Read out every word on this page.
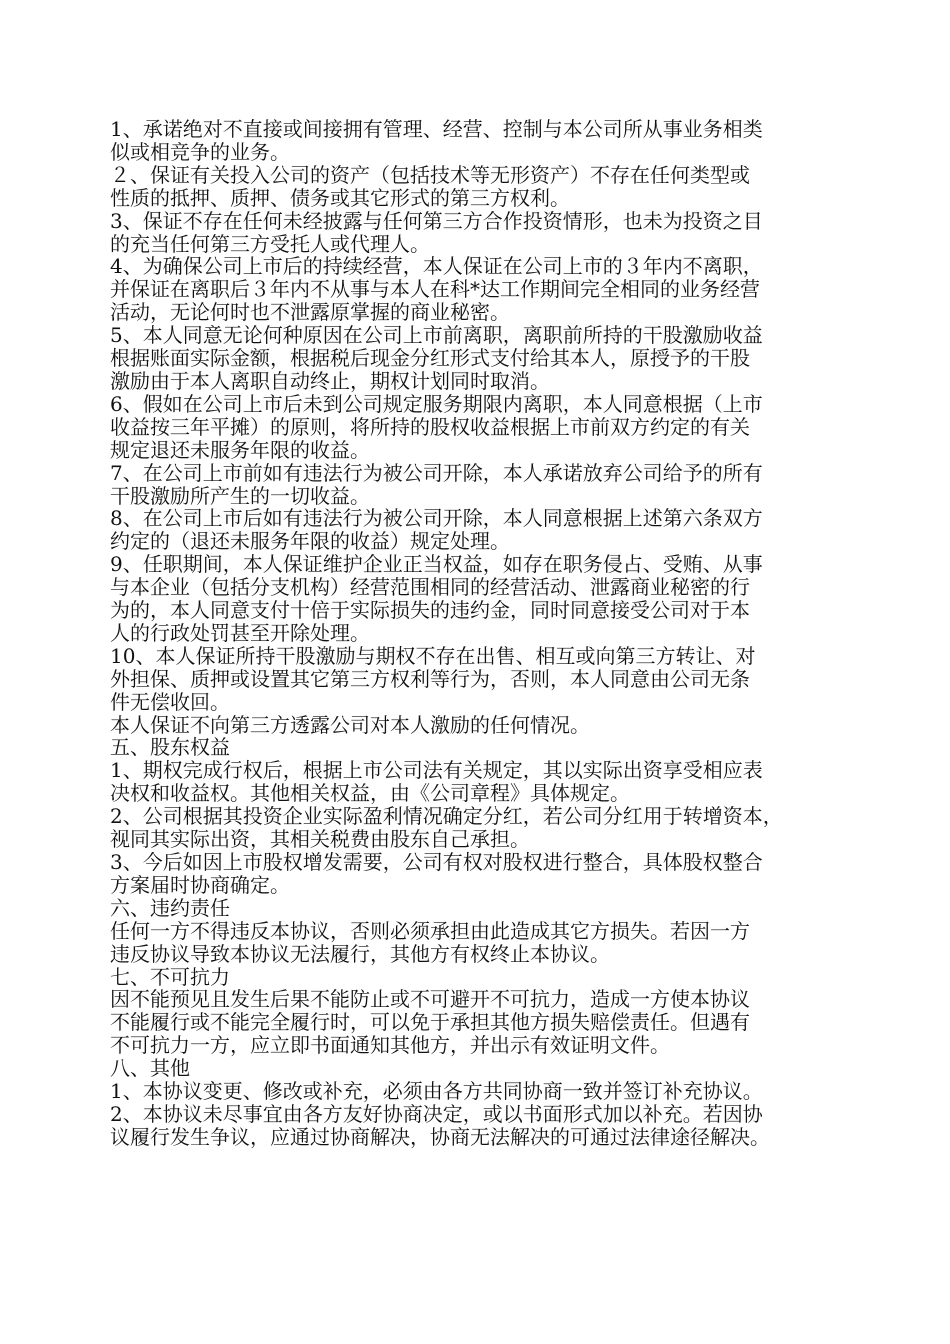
1、承诺绝对不直接或间接拥有管理、经营、控制与本公司所从事业务相类

似或相竞争的业务。

２、保证有关投入公司的资产（包括技术等无形资产）不存在任何类型或

性质的抵押、质押、债务或其它形式的第三方权利。

3、保证不存在任何未经披露与任何第三方合作投资情形，也未为投资之目

的充当任何第三方受托人或代理人。

4、为确保公司上市后的持续经营，本人保证在公司上市的３年内不离职，

并保证在离职后３年内不从事与本人在科*达工作期间完全相同的业务经营

活动，无论何时也不泄露原掌握的商业秘密。

5、本人同意无论何种原因在公司上市前离职，离职前所持的干股激励收益

根据账面实际金额，根据税后现金分红形式支付给其本人，原授予的干股

激励由于本人离职自动终止，期权计划同时取消。

6、假如在公司上市后未到公司规定服务期限内离职，本人同意根据（上市

收益按三年平摊）的原则，将所持的股权收益根据上市前双方约定的有关

规定退还未服务年限的收益。

7、在公司上市前如有违法行为被公司开除，本人承诺放弃公司给予的所有

干股激励所产生的一切收益。

8、在公司上市后如有违法行为被公司开除，本人同意根据上述第六条双方

约定的（退还未服务年限的收益）规定处理。

9、任职期间，本人保证维护企业正当权益，如存在职务侵占、受贿、从事

与本企业（包括分支机构）经营范围相同的经营活动、泄露商业秘密的行

为的，本人同意支付十倍于实际损失的违约金，同时同意接受公司对于本

人的行政处罚甚至开除处理。

10、本人保证所持干股激励与期权不存在出售、相互或向第三方转让、对

外担保、质押或设置其它第三方权利等行为，否则，本人同意由公司无条

件无偿收回。

本人保证不向第三方透露公司对本人激励的任何情况。

五、股东权益

1、期权完成行权后，根据上市公司法有关规定，其以实际出资享受相应表

决权和收益权。其他相关权益，由《公司章程》具体规定。

2、公司根据其投资企业实际盈利情况确定分红，若公司分红用于转增资本，

视同其实际出资，其相关税费由股东自己承担。

3、今后如因上市股权增发需要，公司有权对股权进行整合，具体股权整合

方案届时协商确定。

六、违约责任

任何一方不得违反本协议，否则必须承担由此造成其它方损失。若因一方

违反协议导致本协议无法履行，其他方有权终止本协议。

七、不可抗力

因不能预见且发生后果不能防止或不可避开不可抗力，造成一方使本协议

不能履行或不能完全履行时，可以免于承担其他方损失赔偿责任。但遇有

不可抗力一方，应立即书面通知其他方，并出示有效证明文件。

八、其他

1、本协议变更、修改或补充，必须由各方共同协商一致并签订补充协议。

2、本协议未尽事宜由各方友好协商决定，或以书面形式加以补充。若因协

议履行发生争议，应通过协商解决，协商无法解决的可通过法律途径解决。
